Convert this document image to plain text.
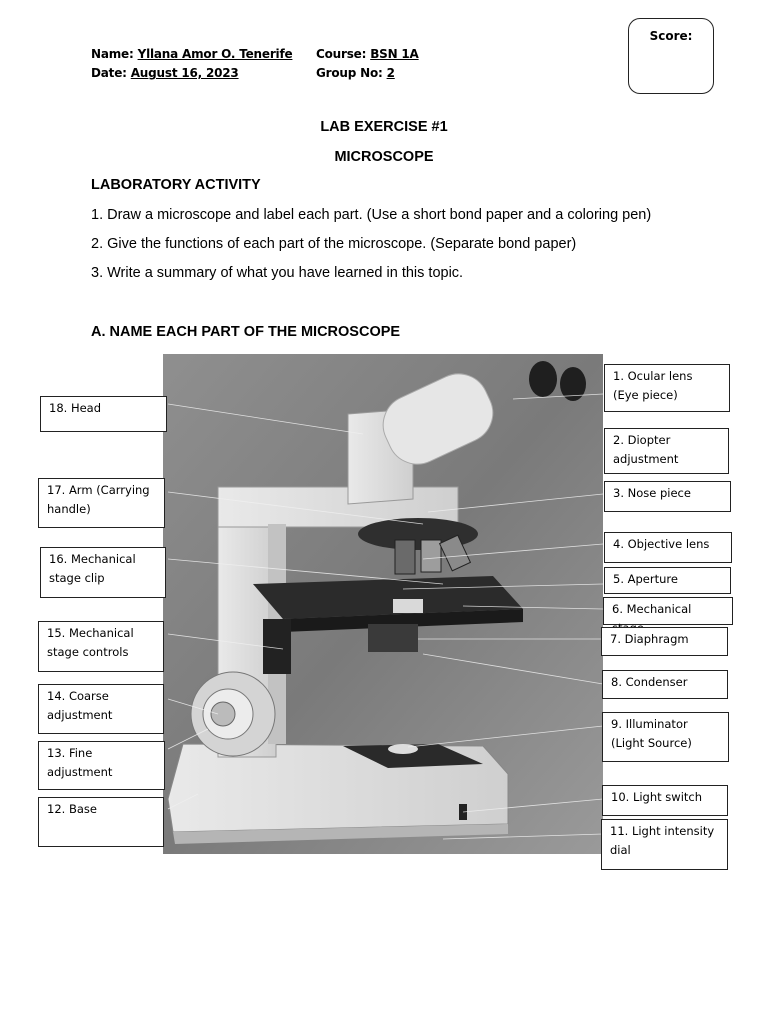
Name: Yllana Amor O. Tenerife
Date: August 16, 2023
Course: BSN 1A
Group No: 2
Score:
LAB EXERCISE #1
MICROSCOPE
LABORATORY ACTIVITY
1. Draw a microscope and label each part. (Use a short bond paper and a coloring pen)
2. Give the functions of each part of the microscope. (Separate bond paper)
3. Write a summary of what you have learned in this topic.
A. NAME EACH PART OF THE MICROSCOPE
1. Ocular lens (Eye piece)
2. Diopter adjustment
3. Nose piece
4. Objective lens
5. Aperture
6. Mechanical
7. Diaphragm
8. Condenser
9. Illuminator (Light Source)
10. Light switch
11. Light intensity dial
18. Head
17. Arm (Carrying handle)
16. Mechanical stage clip
15. Mechanical stage controls
14. Coarse adjustment
13. Fine adjustment
12. Base
